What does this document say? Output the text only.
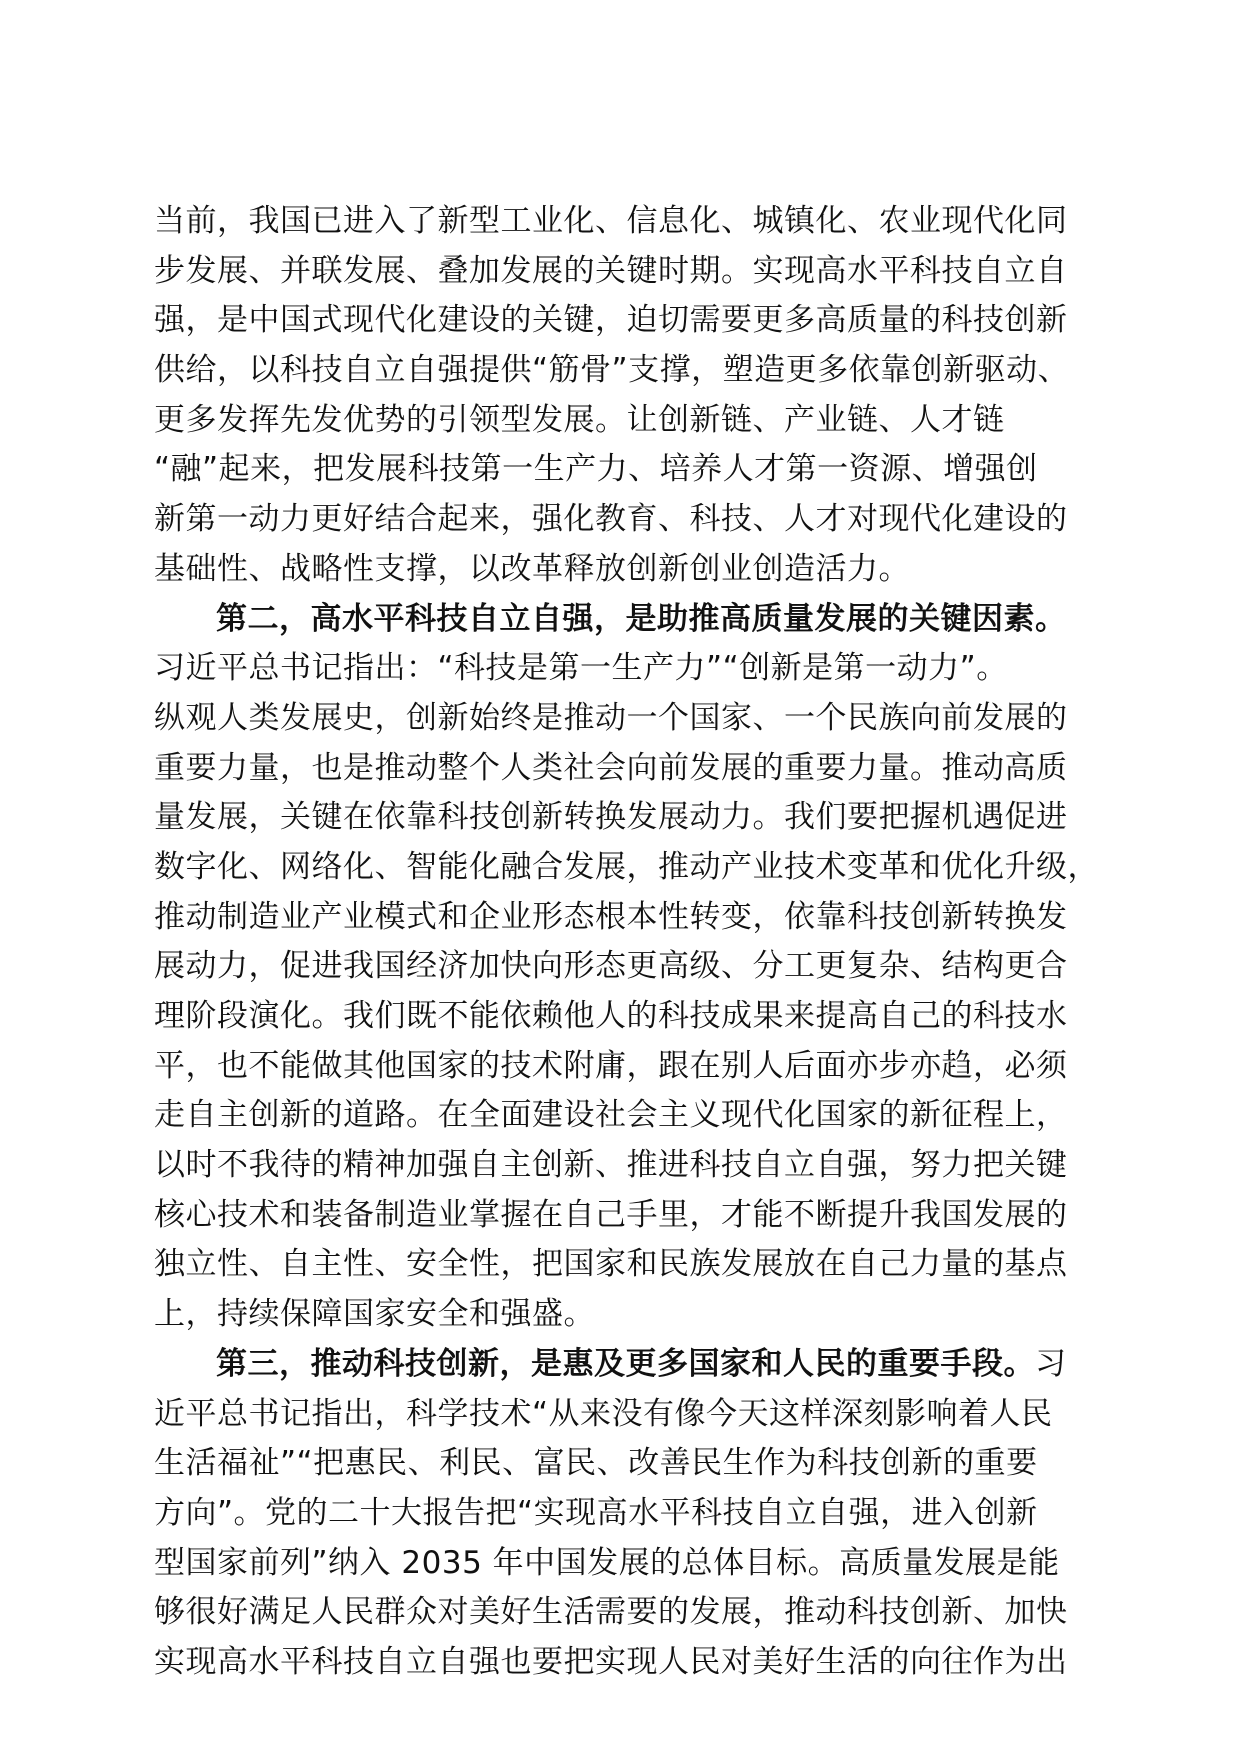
当前，我国已进入了新型工业化、信息化、城镇化、农业现代化同
步发展、并联发展、叠加发展的关键时期。实现高水平科技自立自
强，是中国式现代化建设的关键，迫切需要更多高质量的科技创新
供给，以科技自立自强提供“筋骨”支撑，塑造更多依靠创新驱动、
更多发挥先发优势的引领型发展。让创新链、产业链、人才链
“融”起来，把发展科技第一生产力、培养人才第一资源、增强创
新第一动力更好结合起来，强化教育、科技、人才对现代化建设的
基础性、战略性支撑，以改革释放创新创业创造活力。
第二，高水平科技自立自强，是助推高质量发展的关键因素。
习近平总书记指出：“科技是第一生产力”“创新是第一动力”。
纵观人类发展史，创新始终是推动一个国家、一个民族向前发展的
重要力量，也是推动整个人类社会向前发展的重要力量。推动高质
量发展，关键在依靠科技创新转换发展动力。我们要把握机遇促进
数字化、网络化、智能化融合发展，推动产业技术变革和优化升级，
推动制造业产业模式和企业形态根本性转变，依靠科技创新转换发
展动力，促进我国经济加快向形态更高级、分工更复杂、结构更合
理阶段演化。我们既不能依赖他人的科技成果来提高自己的科技水
平，也不能做其他国家的技术附庸，跟在别人后面亦步亦趋，必须
走自主创新的道路。在全面建设社会主义现代化国家的新征程上，
以时不我待的精神加强自主创新、推进科技自立自强，努力把关键
核心技术和装备制造业掌握在自己手里，才能不断提升我国发展的
独立性、自主性、安全性，把国家和民族发展放在自己力量的基点
上，持续保障国家安全和强盛。
第三，推动科技创新，是惠及更多国家和人民的重要手段。习
近平总书记指出，科学技术“从来没有像今天这样深刻影响着人民
生活福祉”“把惠民、利民、富民、改善民生作为科技创新的重要
方向”。党的二十大报告把“实现高水平科技自立自强，进入创新
型国家前列”纳入 2035 年中国发展的总体目标。高质量发展是能
够很好满足人民群众对美好生活需要的发展，推动科技创新、加快
实现高水平科技自立自强也要把实现人民对美好生活的向往作为出
